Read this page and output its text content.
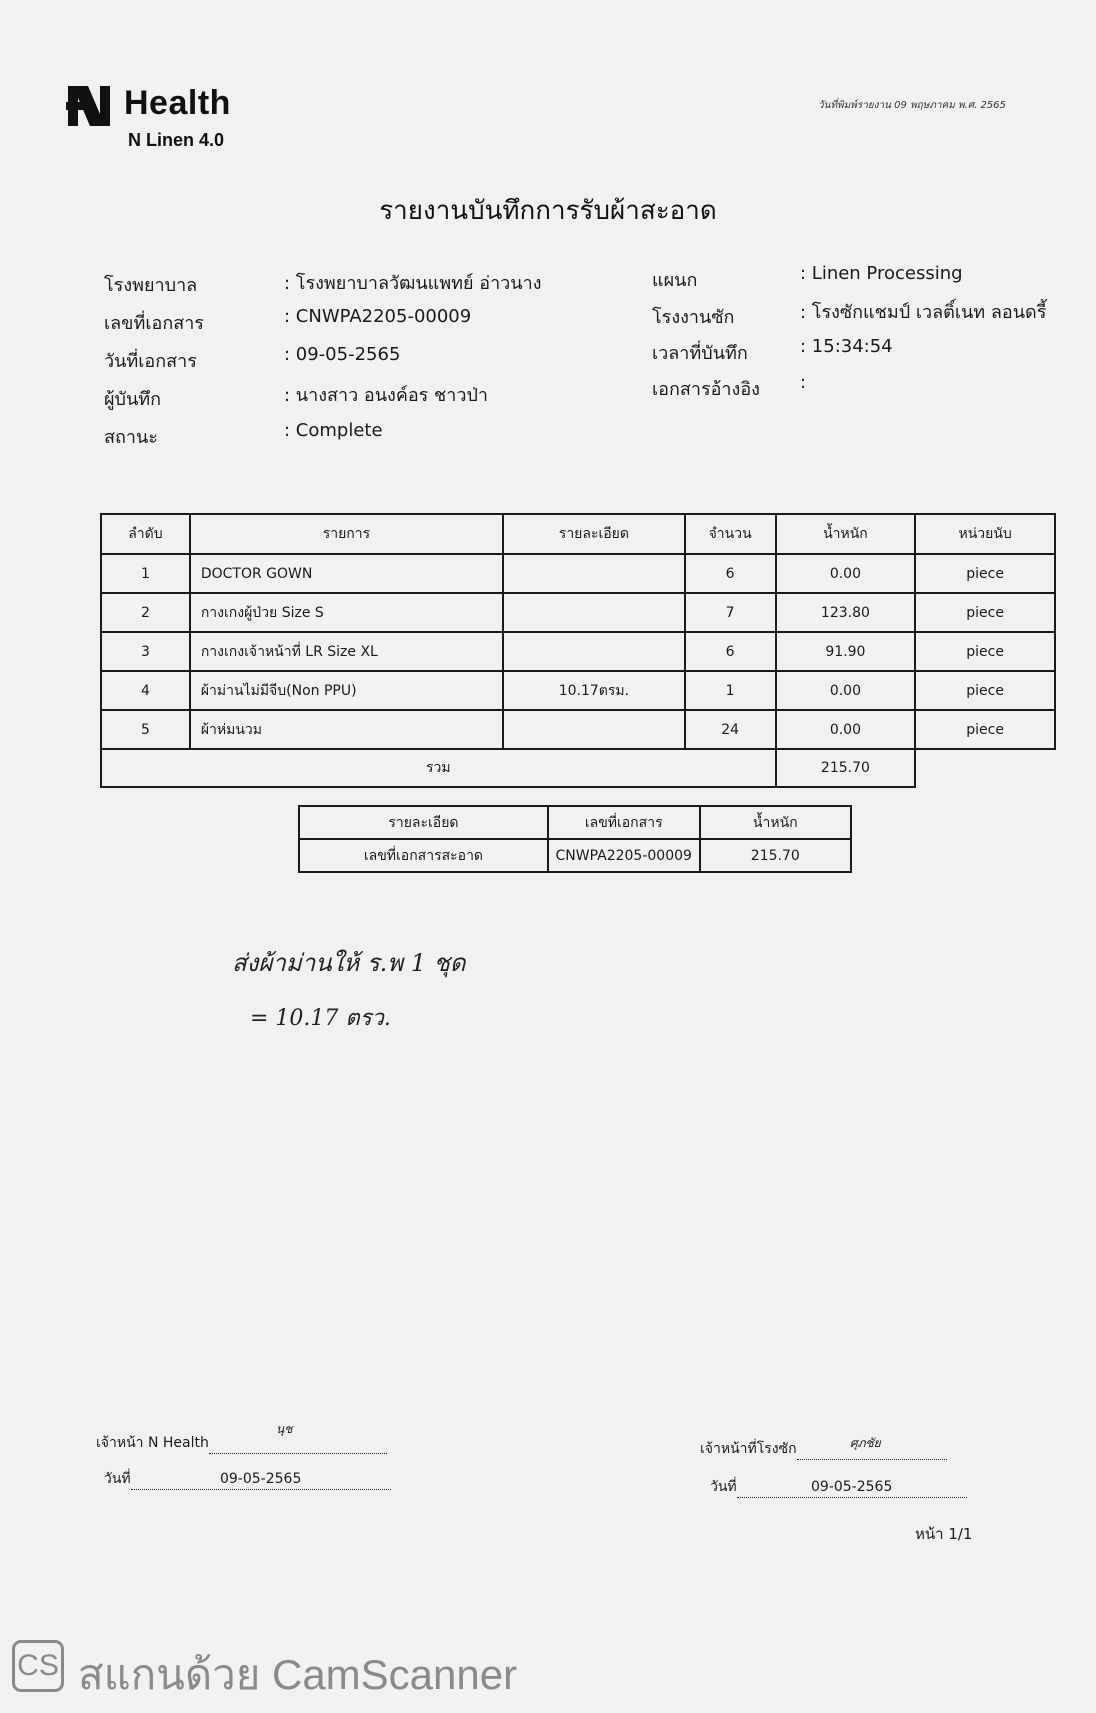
Health
N Linen 4.0
วันที่พิมพ์รายงาน 09 พฤษภาคม พ.ศ. 2565
รายงานบันทึกการรับผ้าสะอาด
โรงพยาบาล	: โรงพยาบาลวัฒนแพทย์ อ่าวนาง
เลขที่เอกสาร	: CNWPA2205-00009
วันที่เอกสาร	: 09-05-2565
ผู้บันทึก	: นางสาว อนงค์อร ชาวป่า
สถานะ	: Complete
แผนก	: Linen Processing
โรงงานซัก	: โรงซักแชมป์ เวลติ์เนท ลอนดรี้
เวลาที่บันทึก	: 15:34:54
เอกสารอ้างอิง :
ลำดับ	รายการ	รายละเอียด	จำนวน	น้ำหนัก	หน่วยนับ
1	DOCTOR GOWN		6	0.00	piece
2	กางเกงผู้ป่วย Size S		7	123.80	piece
3	กางเกงเจ้าหน้าที่ LR Size XL		6	91.90	piece
4	ผ้าม่านไม่มีจีบ(Non PPU)	10.17ตรม.	1	0.00	piece
5	ผ้าห่มนวม		24	0.00	piece
รวม				215.70	
รายละเอียด	เลขที่เอกสาร	น้ำหนัก
เลขที่เอกสารสะอาด	CNWPA2205-00009	215.70
ส่งผ้าม่านให้ ร.พ 1 ชุด
= 10.17 ตรว.
เจ้าหน้า N Health
นุช
วันที่	09-05-2565
เจ้าหน้าที่โรงซัก	ศุภชัย
วันที่	09-05-2565
หน้า 1/1
CS สแกนด้วย CamScanner
